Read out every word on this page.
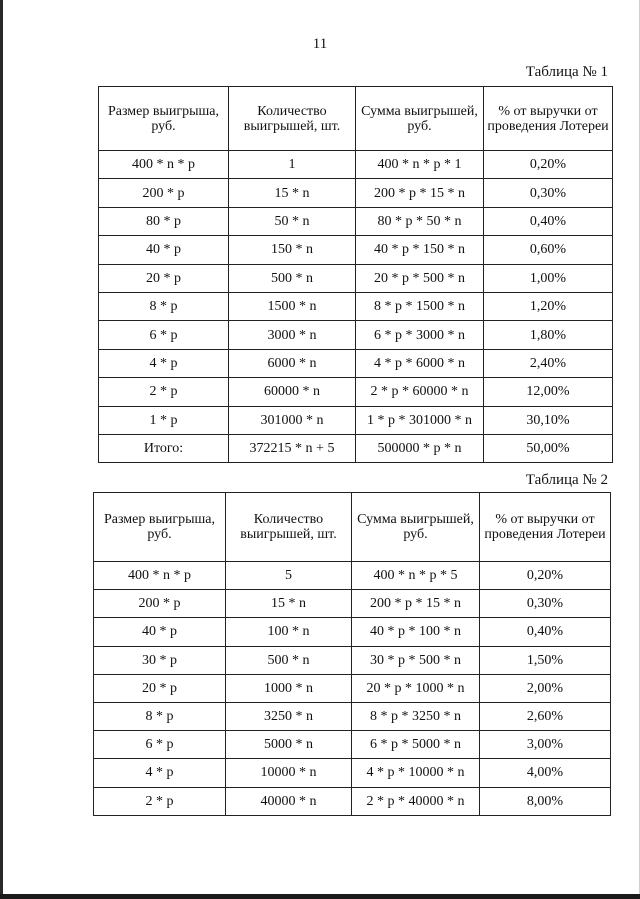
11
Таблица № 1
Размер выигрыша, руб.	Количество выигрышей, шт.	Сумма выигрышей, руб.	% от выручки от проведения Лотереи
400 * n * p	1	400 * n * p * 1	0,20%
200 * p	15 * n	200 * p * 15 * n	0,30%
80 * p	50 * n	80 * p * 50 * n	0,40%
40 * p	150 * n	40 * p * 150 * n	0,60%
20 * p	500 * n	20 * p * 500 * n	1,00%
8 * p	1500 * n	8 * p * 1500 * n	1,20%
6 * p	3000 * n	6 * p * 3000 * n	1,80%
4 * p	6000 * n	4 * p * 6000 * n	2,40%
2 * p	60000 * n	2 * p * 60000 * n	12,00%
1 * p	301000 * n	1 * p * 301000 * n	30,10%
Итого:	372215 * n + 5	500000 * p * n	50,00%
Таблица № 2
Размер выигрыша, руб.	Количество выигрышей, шт.	Сумма выигрышей, руб.	% от выручки от проведения Лотереи
400 * n * p	5	400 * n * p * 5	0,20%
200 * p	15 * n	200 * p * 15 * n	0,30%
40 * p	100 * n	40 * p * 100 * n	0,40%
30 * p	500 * n	30 * p * 500 * n	1,50%
20 * p	1000 * n	20 * p * 1000 * n	2,00%
8 * p	3250 * n	8 * p * 3250 * n	2,60%
6 * p	5000 * n	6 * p * 5000 * n	3,00%
4 * p	10000 * n	4 * p * 10000 * n	4,00%
2 * p	40000 * n	2 * p * 40000 * n	8,00%
